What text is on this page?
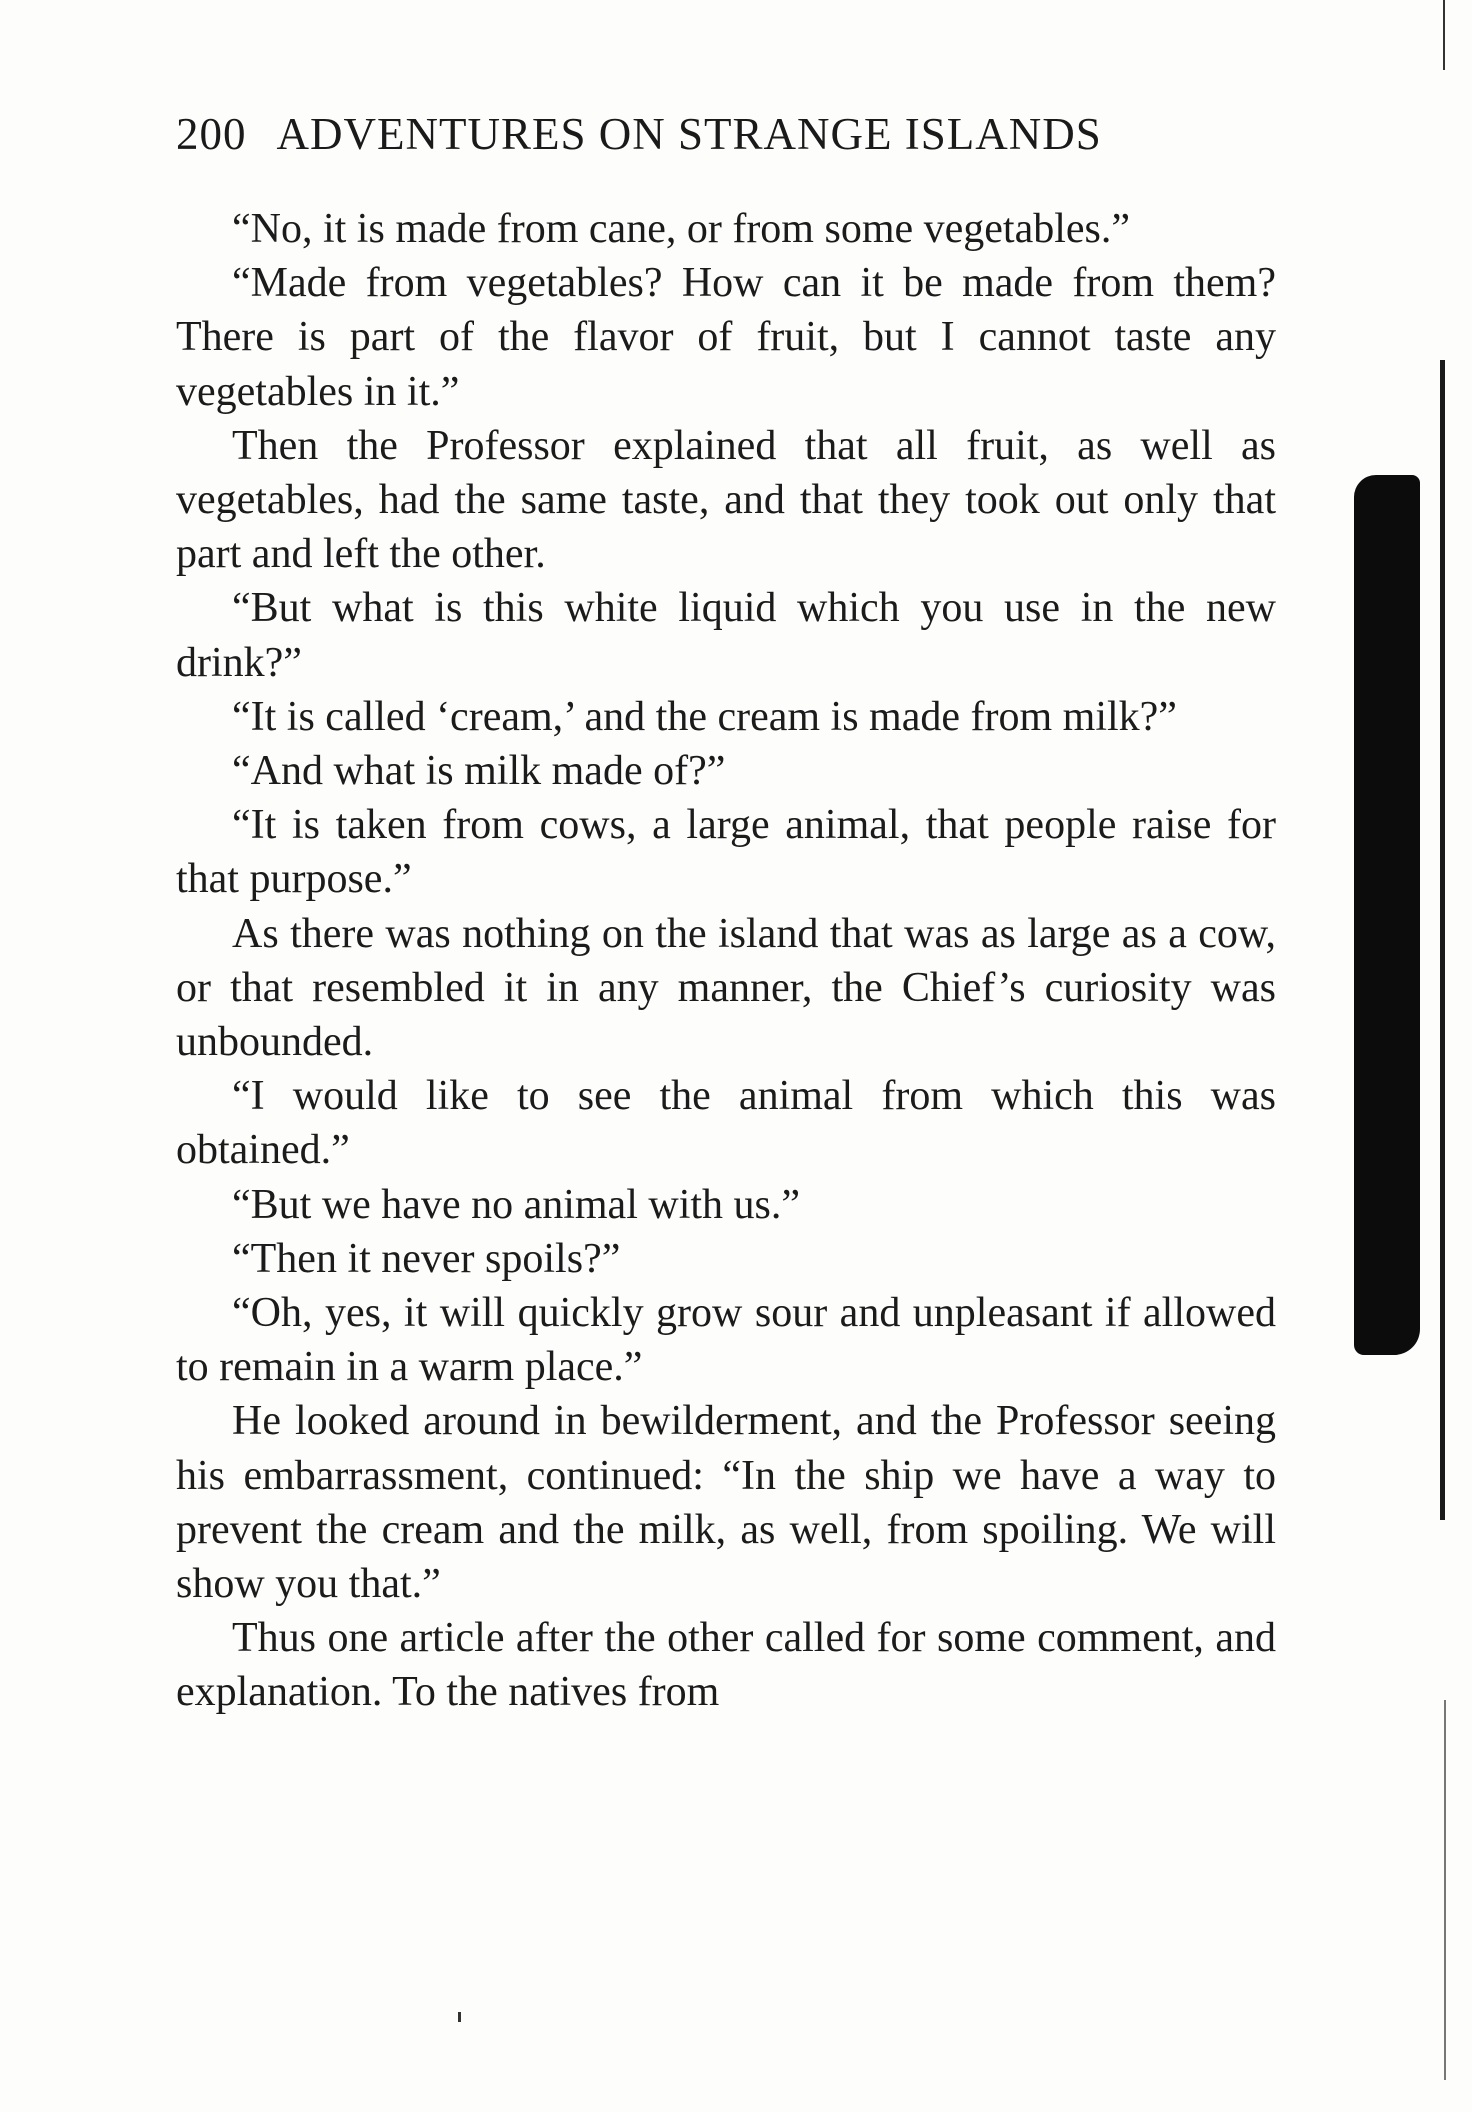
200 ADVENTURES ON STRANGE ISLANDS

“No, it is made from cane, or from some vegetables.”

“Made from vegetables? How can it be made from them? There is part of the flavor of fruit, but I cannot taste any vegetables in it.”

Then the Professor explained that all fruit, as well as vegetables, had the same taste, and that they took out only that part and left the other.

“But what is this white liquid which you use in the new drink?”

“It is called ‘cream,’ and the cream is made from milk?”

“And what is milk made of?”

“It is taken from cows, a large animal, that people raise for that purpose.”

As there was nothing on the island that was as large as a cow, or that resembled it in any manner, the Chief’s curiosity was unbounded.

“I would like to see the animal from which this was obtained.”

“But we have no animal with us.”

“Then it never spoils?”

“Oh, yes, it will quickly grow sour and unpleasant if allowed to remain in a warm place.”

He looked around in bewilderment, and the Professor seeing his embarrassment, continued: “In the ship we have a way to prevent the cream and the milk, as well, from spoiling. We will show you that.”

Thus one article after the other called for some comment, and explanation. To the natives from
